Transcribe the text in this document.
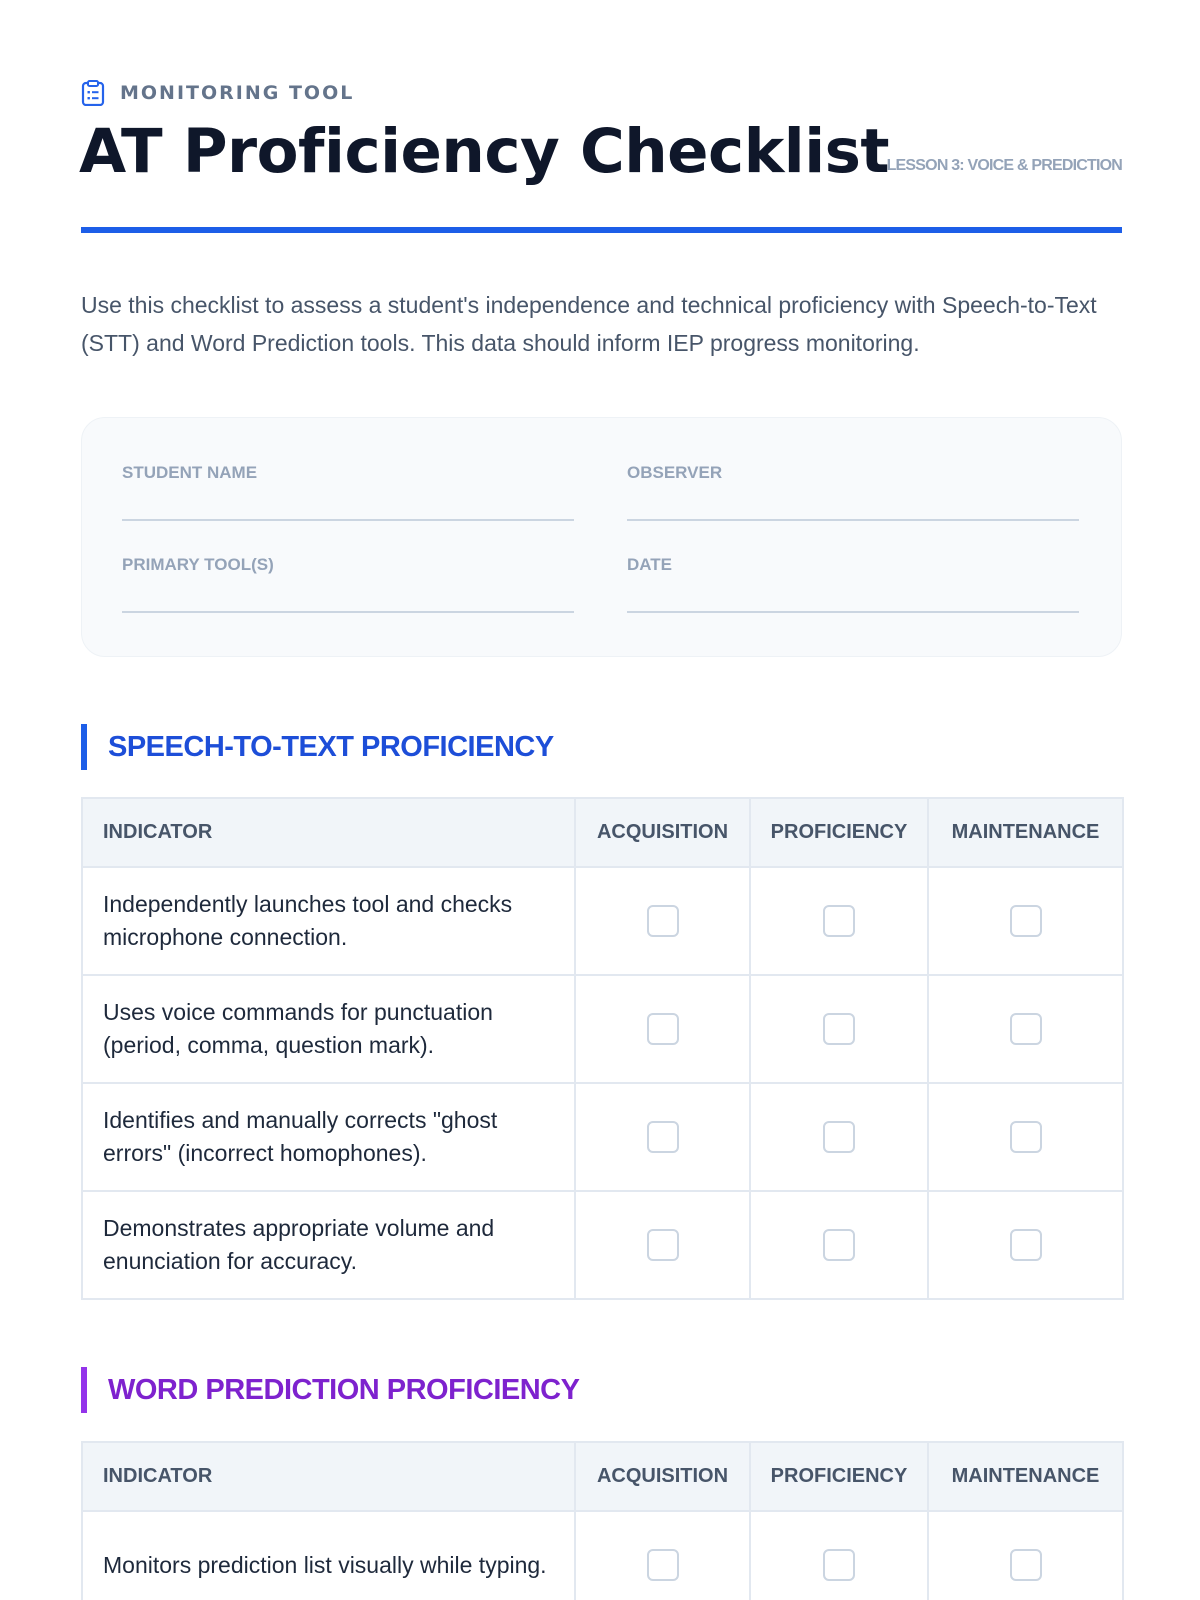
MONITORING TOOL
AT Proficiency Checklist
LESSON 3: VOICE & PREDICTION

Use this checklist to assess a student's independence and technical proficiency with Speech-to-Text (STT) and Word Prediction tools. This data should inform IEP progress monitoring.

STUDENT NAME	OBSERVER
PRIMARY TOOL(S)	DATE
SPEECH-TO-TEXT PROFICIENCY
INDICATOR	ACQUISITION	PROFICIENCY	MAINTENANCE
Independently launches tool and checks microphone connection.			
Uses voice commands for punctuation (period, comma, question mark).			
Identifies and manually corrects "ghost errors" (incorrect homophones).			
Demonstrates appropriate volume and enunciation for accuracy.			
WORD PREDICTION PROFICIENCY
INDICATOR	ACQUISITION	PROFICIENCY	MAINTENANCE
Monitors prediction list visually while typing.			
